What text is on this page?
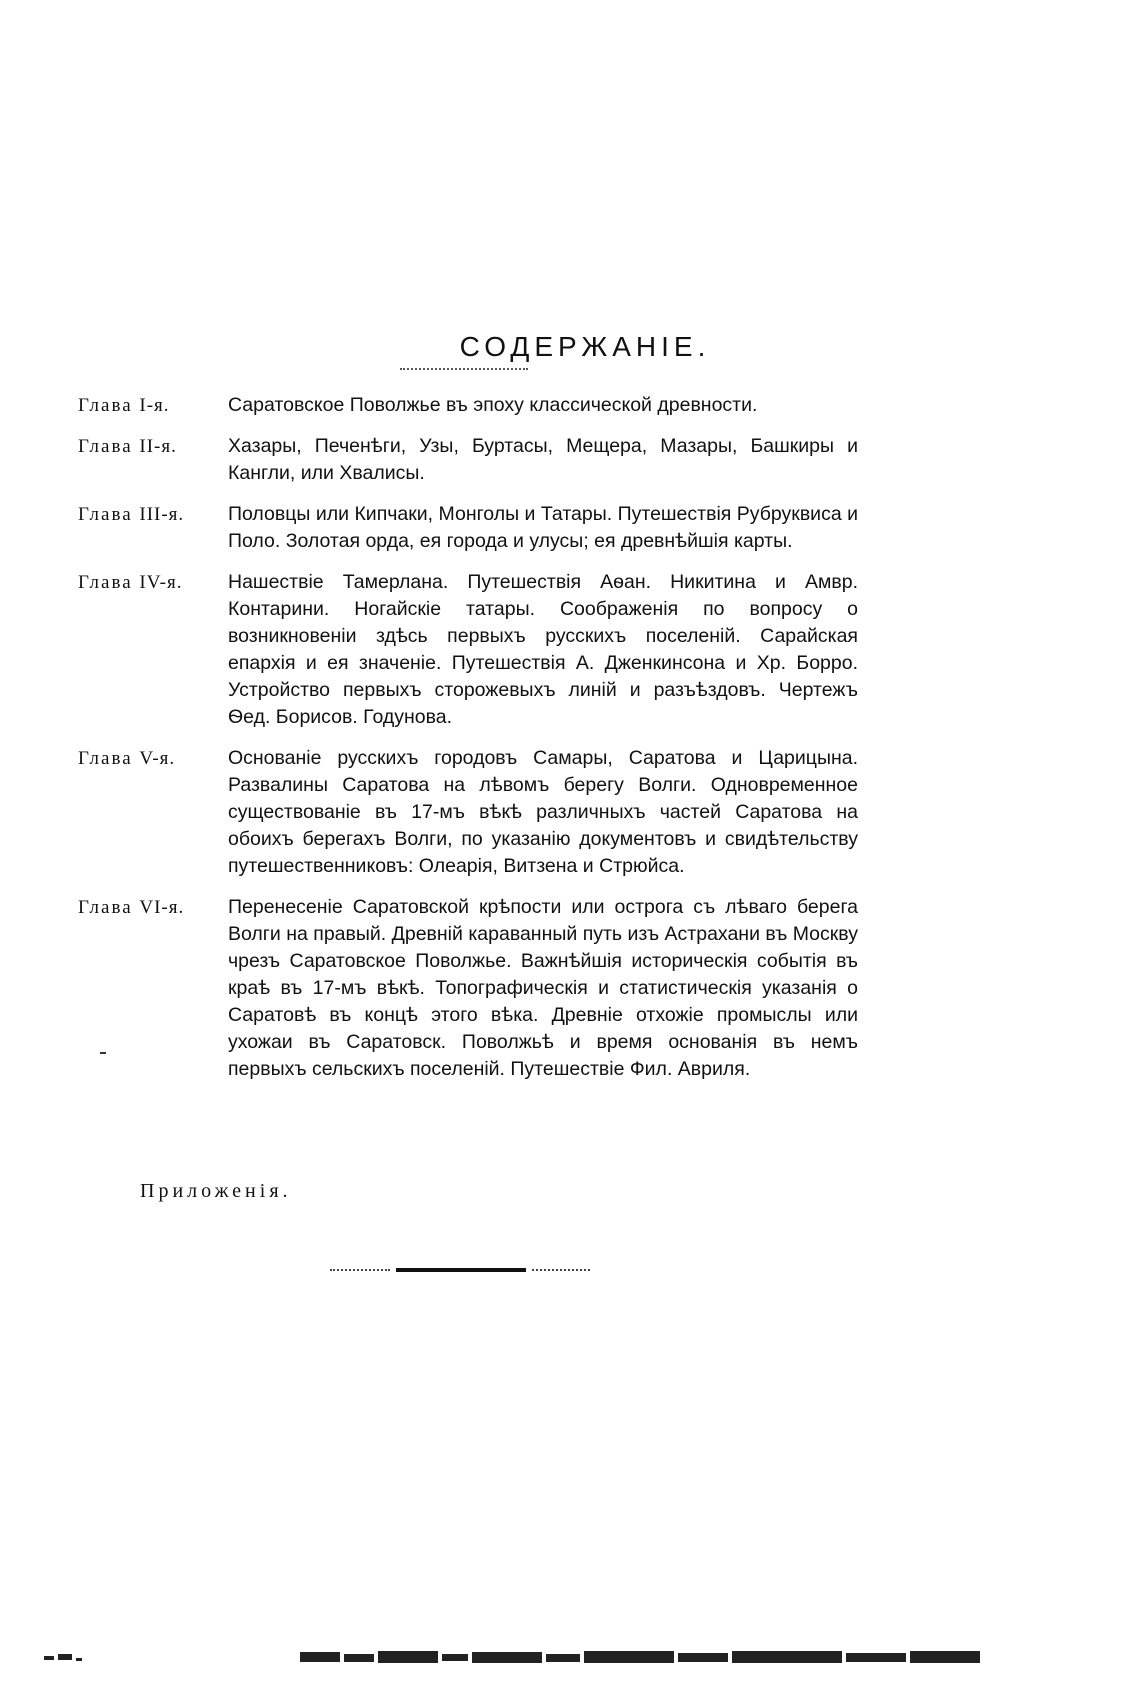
СОДЕРЖАНІЕ.
Глава I-я.	Саратовское Поволжье въ эпоху классической древности.
Глава II-я.	Хазары, Печенѣги, Узы, Буртасы, Мещера, Мазары, Башкиры и Кангли, или Хвалисы.
Глава III-я.	Половцы или Кипчаки, Монголы и Татары. Путешествія Рубруквиса и Поло. Золотая орда, ея города и улусы; ея древнѣйшія карты.
Глава IV-я.	Нашествіе Тамерлана. Путешествія Аѳан. Никитина и Амвр. Контарини. Ногайскіе татары. Соображенія по вопросу о возникновеніи здѣсь первыхъ русскихъ поселеній. Сарайская епархія и ея значеніе. Путешествія А. Дженкинсона и Хр. Борро. Устройство первыхъ сторожевыхъ линій и разъѣздовъ. Чертежъ Ѳед. Борисов. Годунова.
Глава V-я.	Основаніе русскихъ городовъ Самары, Саратова и Царицына. Развалины Саратова на лѣвомъ берегу Волги. Одновременное существованіе въ 17-мъ вѣкѣ различныхъ частей Саратова на обоихъ берегахъ Волги, по указанію документовъ и свидѣтельству путешественниковъ: Олеарія, Витзена и Стрюйса.
Глава VI-я.	Перенесеніе Саратовской крѣпости или острога съ лѣваго берега Волги на правый. Древній караванный путь изъ Астрахани въ Москву чрезъ Саратовское Поволжье. Важнѣйшія историческія событія въ краѣ въ 17-мъ вѣкѣ. Топографическія и статистическія указанія о Саратовѣ въ концѣ этого вѣка. Древніе отхожіе промыслы или ухожаи въ Саратовск. Поволжьѣ и время основанія въ немъ первыхъ сельскихъ поселеній. Путешествіе Фил. Авриля.
Приложенія.
